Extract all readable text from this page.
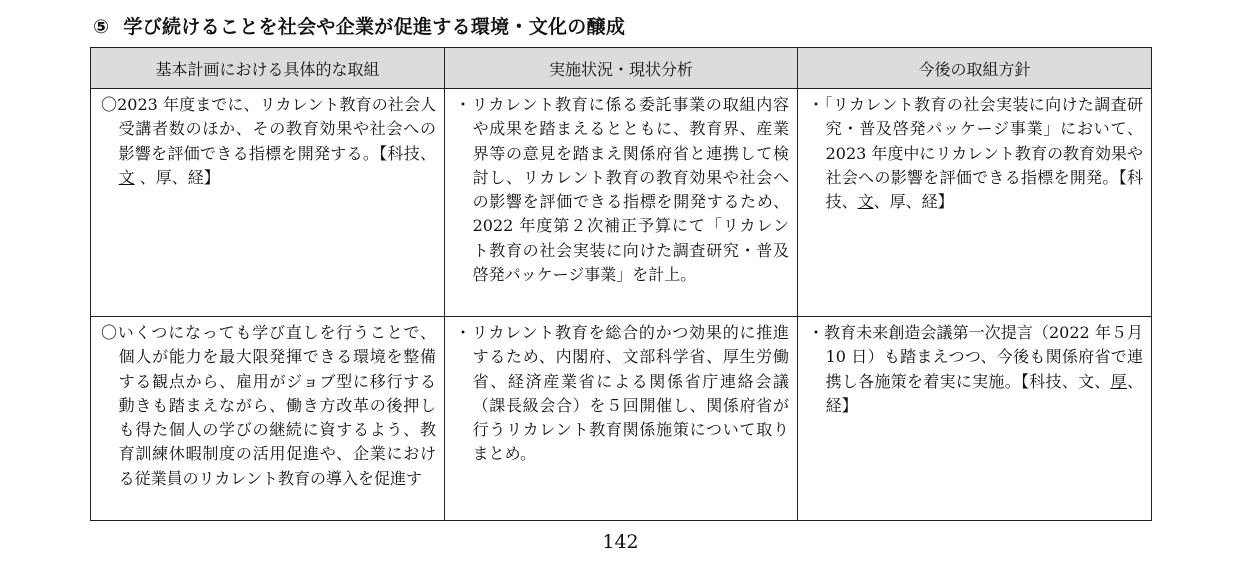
⑤ 学び続けることを社会や企業が促進する環境・文化の醸成
基本計画における具体的な取組	実施状況・現状分析	今後の取組方針

〇2023 年度までに、リカレント教育の社会人受講者数のほか、その教育効果や社会への影響を評価できる指標を開発する。【科技、文 、厚、経】	・リカレント教育に係る委託事業の取組内容や成果を踏まえるとともに、教育界、産業界等の意見を踏まえ関係府省と連携して検討し、リカレント教育の教育効果や社会への影響を評価できる指標を開発するため、2022 年度第２次補正予算にて「リカレント教育の社会実装に向けた調査研究・普及啓発パッケージ事業」を計上。	・「リカレント教育の社会実装に向けた調査研究・普及啓発パッケージ事業」において、2023 年度中にリカレント教育の教育効果や社会への影響を評価できる指標を開発。【科技、文、厚、経】

〇いくつになっても学び直しを行うことで、個人が能力を最大限発揮できる環境を整備する観点から、雇用がジョブ型に移行する動きも踏まえながら、働き方改革の後押しも得た個人の学びの継続に資するよう、教育訓練休暇制度の活用促進や、企業における従業員のリカレント教育の導入を促進す	・リカレント教育を総合的かつ効果的に推進するため、内閣府、文部科学省、厚生労働省、経済産業省による関係省庁連絡会議（課長級会合）を５回開催し、関係府省が行うリカレント教育関係施策について取りまとめ。	・教育未来創造会議第一次提言（2022 年５月 10 日）も踏まえつつ、今後も関係府省で連携し各施策を着実に実施。【科技、文、厚、経】
142
